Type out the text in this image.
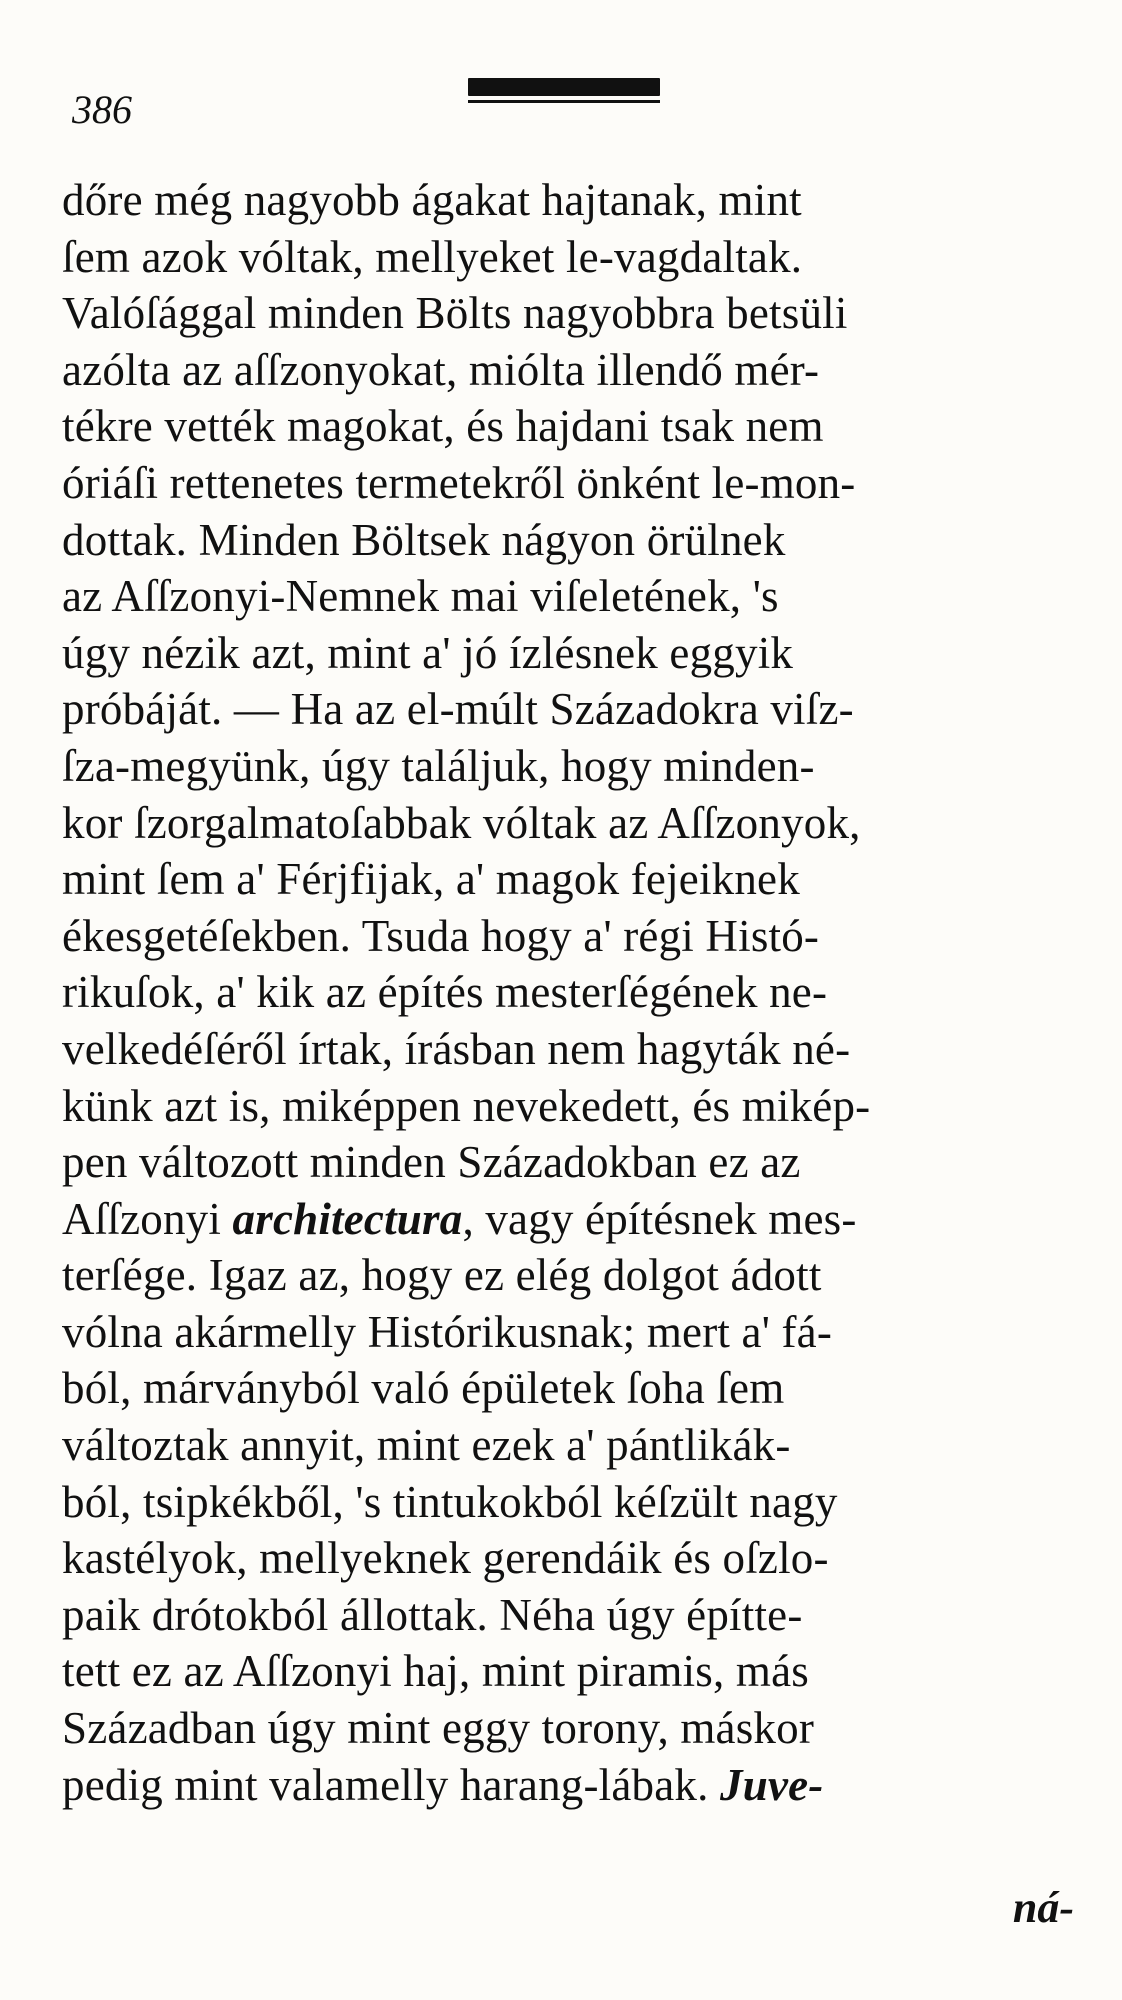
386
dőre még nagyobb ágakat hajtanak, mint
ſem azok vóltak, mellyeket le-vagdaltak.
Valóſággal minden Bölts nagyobbra betsüli
azólta az aſſzonyokat, miólta illendő mér-
tékre vették magokat, és hajdani tsak nem
óriáſi rettenetes termetekről önként le-mon-
dottak. Minden Böltsek nágyon örülnek
az Aſſzonyi-Nemnek mai viſeletének, 's
úgy nézik azt, mint a' jó ízlésnek eggyik
próbáját. — Ha az el-múlt Századokra viſz-
ſza-megyünk, úgy találjuk, hogy minden-
kor ſzorgalmatoſabbak vóltak az Aſſzonyok,
mint ſem a' Férjfijak, a' magok fejeiknek
ékesgetéſekben. Tsuda hogy a' régi Histó-
rikuſok, a' kik az építés mesterſégének ne-
velkedéſéről írtak, írásban nem hagyták né-
künk azt is, miképpen nevekedett, és mikép-
pen változott minden Századokban ez az
Aſſzonyi architectura, vagy építésnek mes-
terſége. Igaz az, hogy ez elég dolgot ádott
vólna akármelly Histórikusnak; mert a' fá-
ból, márványból való épületek ſoha ſem
változtak annyit, mint ezek a' pántlikák-
ból, tsipkékből, 's tintukokból kéſzült nagy
kastélyok, mellyeknek gerendáik és oſzlo-
paik drótokból állottak. Néha úgy építte-
tett ez az Aſſzonyi haj, mint piramis, más
Században úgy mint eggy torony, máskor
pedig mint valamelly harang-lábak. Juve-
ná-
